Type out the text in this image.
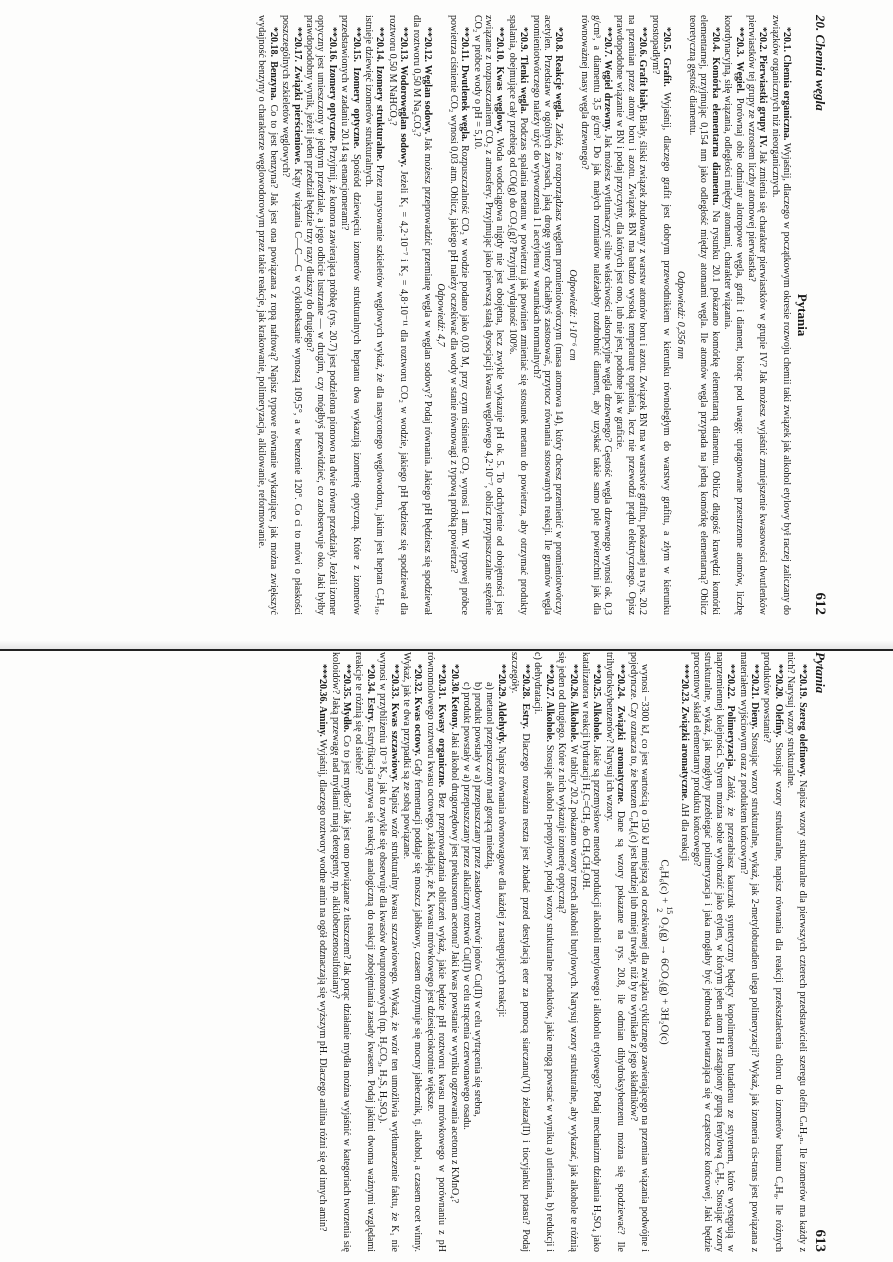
20. Chemia węgla
612
Pytania

*20.1. Chemia organiczna. Wyjaśnij, dlaczego w początkowym okresie rozwoju chemii taki związek jak alkohol etylowy był raczej zaliczany do związków organicznych niż nieorganicznych.

*20.2. Pierwiastki grupy IV. Jak zmienia się charakter pierwiastków w grupie IV? Jak możesz wyjaśnić zmniejszenie kwasowości dwutlenków pierwiastków tej grupy ze wzrostem liczby atomowej pierwiastka?

**20.3. Węgiel. Porównaj obie odmiany alotropowe węgla, grafit i diament, biorąc pod uwagę: upragnowane przestrzenne atomów, liczbę koordynacyjną, siłę wiązania, odległości między atomami, charakter wiązania.

*20.4. Komórka elementarna diamentu. Na rysunku 20.1 pokazano komórkę elementarną diamentu. Oblicz długość krawędzi komórki elementarnej, przyjmując 0,154 nm jako odległość między atomami węgla. Ile atomów węgla przypada na jedną komórkę elementarną? Oblicz teoretyczną gęstość diamentu.

Odpowiedź: 0,356 nm

*20.5. Grafit. Wyjaśnij, dlaczego grafit jest dobrym przewodnikiem w kierunku równoległym do warstwy grafitu, a złym w kierunku prostopadłym?

**20.6. Grafit biały. Biały, śliski związek zbudowany z warstw atomów boru i azotu. Związek BN ma w warstwie grafitu, pokazanej na rys. 20.2 na przemian przez atomy boru i azotu. Związek BN ma bardzo wysoką temperaturę topnienia, lecz nie przewodzi prądu elektrycznego. Opisz prawdopodobne wiązanie w BN i podaj przyczyny, dla których jest ono, lub nie jest, podobne jak w graficie.

**20.7. Węgiel drzewny. Jak możesz wytłumaczyć silne właściwości adsorpcyjne węgla drzewnego? Gęstość węgla drzewnego wynosi ok. 0,3 g/cm³, a diamentu 3,5 g/cm³. Do jak małych rozmiarów należałoby rozdrobnić diament, aby uzyskać takie samo pole powierzchni jak dla równoważnej masy węgla drzewnego?

Odpowiedź: 1·10⁻⁶ cm

*20.8. Reakcje węgla. Załóż, że rozporządzasz węglem promieniotwórczym (masa atomowa 14), który chcesz przemienić w promieniotwórczy acetylen. Przedstaw w ogólnych zarysach, jaką drogę syntezy chciałbyś zastosować, przytocz równania stosowanych reakcji. Ile gramów węgla promieniotwórczego należy użyć do wytworzenia 1 l acetylenu w warunkach normalnych?

*20.9. Tlenki węgla. Podczas spalania metanu w powietrzu jak powinien zmieniać się stosunek metanu do powietrza, aby otrzymać produkty spalania, obejmujące cały przebieg od CO(g) do CO₂(g)? Przyjmij wydajność 100%.

**20.10. Kwas węglowy. Woda wodociągowa nigdy nie jest obojętna, lecz zwykle wykazuje pH ok. 5. To odchylenie od obojętności jest związane z rozpuszczaniem CO₂ z atmosfery. Przyjmując jako pierwszą stałą dysocjacji kwasu węglowego 4,2·10⁻⁷, oblicz przypuszczalne stężenie CO₂ w próbce wody o pH = 5,10.

**20.11. Dwutlenek węgla. Rozpuszczalność CO₂ w wodzie podano jako 0,03 M, przy czym ciśnienie CO₂ wynosi 1 atm. W typowej próbce powietrza ciśnienie CO₂ wynosi 0,03 atm. Oblicz, jakiego pH należy oczekiwać dla wody w stanie równowagi z typową próbką powietrza?

Odpowiedź: 4,7

**20.12. Węglan sodowy. Jak możesz przeprowadzić przemianę węgla w węglan sodowy? Podaj równania. Jakiego pH będziesz się spodziewał dla roztworu 0,50 M Na₂CO₃?

**20.13. Wodorowęglan sodowy. Jeżeli K₁ = 4,2·10⁻⁷ i K₂ = 4,8·10⁻¹¹ dla roztworu CO₂ w wodzie, jakiego pH będziesz się spodziewał dla roztworu 0,50 M NaHCO₃?

**20.14. Izomery strukturalne. Przez narysowanie szkieletów węglowych wykaż, że dla nasyconego węglowodoru, jakim jest heptan C₇H₁₆, istnieje dziewięć izomerów strukturalnych.

**20.15. Izomery optyczne. Spośród dziewięciu izomerów strukturalnych heptanu dwa wykazują izomerię optyczną. Które z izomerów przedstawionych w zadaniu 20.14 są enancjomerami?

**20.16. Izomery optyczne. Przyjmij, że komora zawierająca próbkę (rys. 20.7) jest podzielona pionowo na dwie równe przedziały. Jeżeli izomer optyczny jest umieszczony w jednym przedziale, a jego odbicie lustrzane — w drugim, czy mógłbyś przewidzieć, co zaobserwuje oko. Jaki byłby prawdopodobny wynik, jeżeli jeden przedział będzie trzy razy dłuższy do drugiego?

**20.17. Związki pierścieniowe. Kąty wiązania C—C—C w cykloheksanie wynoszą 109,5°, a w benzenie 120°. Co ci to mówi o płaskości poszczególnych szkieletów węglowych?

*20.18. Benzyna. Co to jest benzyna? Jak jest ona powiązana z ropą naftową? Napisz typowe równanie wykazujące, jak można zwiększyć wydajność benzyny o charakterze węglowodorowym przez takie reakcje, jak krakowanie, polimeryzacja, alkilowanie, reformowanie.

Pytania
613

**20.19. Szereg olefinowy. Napisz wzory strukturalne dla pierwszych czterech przedstawicieli szeregu olefin CₙH₂ₙ. Ile izomerów ma każdy z nich? Narysuj wzory strukturalne.

**20.20. Olefiny. Stosując wzory strukturalne, napisz równania dla reakcji przekształcenia chloru do izomerów butanu C₄H₈. Ile różnych produktów powstanie?

**20.21. Dieny. Stosując wzory strukturalne, wykaż, jak 2-metylobutadien ulega polimeryzacji? Wykaż, jak izomeria cis-trans jest powiązana z materiałem wyjściowym oraz z produktem końcowym?

**20.22. Polimeryzacja. Załóż, że przerabiasz kauczuk syntetyczny będący kopolimerem butadienu ze styrenem, które występują w naprzemiennej kolejności. Styren można sobie wyobrazić jako etylen, w którym jeden atom H zastąpiony grupą fenylową C₆H₅. Stosując wzory strukturalne, wykaż, jak mogłyby przebiegać polimeryzacja i jaka mogłaby być jednostka powtarzająca się w cząsteczce końcowej. Jaki będzie procentowy skład elementarny produktu końcowego?

***20.23. Związki aromatyczne. ΔH dla reakcji

C₆H₆(c) + 15
2 O₂(g) → 6CO₂(g) + 3H₂O(c)

wynosi −3300 kJ, co jest wartością o 150 kJ mniejszą od oczekiwanej dla związku cyklicznego zawierającego na przemian wiązania podwójne i pojedyncze. Czy oznacza to, że benzen C₆H₆(c) jest bardziej lub mniej trwały, niż by to wynikało z jego składników?

**20.24. Związki aromatyczne. Dane są wzory pokazane na rys. 20.8, ile odmian dihydroksybenzenu można się spodziewać? Ile trihydroksybenzenów? Narysuj ich wzory.

**20.25. Alkohole. Jakie są przemysłowe metody produkcji alkoholi metylowego i alkoholu etylowego? Podaj mechanizm działania H₂SO₄ jako katalizatora w reakcji hydratacji H₂C=CH₂ do CH₃CH₂OH.

**20.26. Alkohole. W tablicy 20.2 pokazano wzory trzech alkoholi butylowych. Narysuj wzory strukturalne, aby wykazać, jak alkohole te różnią się jeden od drugiego. Które z nich wykazuje izomerię optyczną?

**20.27. Alkohole. Stosując alkohol n-propylowy, podaj wzory strukturalne produktów, jakie mogą powstać w wyniku a) utleniania, b) redukcji i c) dehydratacji.

**20.28. Estry. Dlaczego rozważna reszta jest zbadać przed destylacją eter za pomocą siarczanu(VI) żelaza(II) i tiocyjanku potasu? Podaj szczegóły.

**20.29. Aldehydy. Napisz równania równowagowe dla każdej z następujących reakcji:

a) metanol przepuszczony nad gorącą miedzią,
b) produkt powstały w a) przepuszczany przez zasadowy roztwór jonów Cu(II) w celu wytrącenia się srebra,
c) produkt powstały w a) przepuszczany przez alkaliczny roztwór Cu(II) w celu strącenia czerwonawego osadu.

*20.30. Ketony. Jaki alkohol drugorzędowy jest prekursorem acetonu? Jaki kwas powstanie w wyniku ogrzewania acetonu z KMnO₄?

**20.31. Kwasy organiczne. Bez przeprowadzania obliczeń wykaż, jakie będzie pH roztworu kwasu mrówkowego w porównaniu z pH równomolowego roztworu kwasu octowego, zakładając, że Kₐ kwasu mrówkowego jest dziesięciokrotnie większe.

*20.32. Kwas octowy. Gdy fermentacji poddaje się moszcz jabłkowy, czasem otrzymuje się mocny jabłecznik, tj. alkohol, a czasem ocet winny. Wykaż, jak te dwa przypadki są ze sobą powiązane.

**20.33. Kwas szczawiowy. Napisz wzór strukturalny kwasu szczawiowego. Wykaż, że wzór ten umożliwia wytłumaczenie faktu, że K₁ nie wynosi w przybliżeniu 10⁻³ K₂, jak to zwykle się obserwuje dla kwasów dwuprotonowych (np. H₂CO₃, H₂S, H₂SO₃).

*20.34. Estry. Estryfikacja nazywa się reakcję analogiczną do reakcji zobojętniania zasady kwasem. Podaj jakimi dwoma ważnymi względami reakcje te różnią się od siebie?

**20.35. Mydło. Co to jest mydło? Jak jest ono powiązane z tłuszczem? Jak porąc działanie mydła można wyjaśnić w kategoriach tworzenia się koloidów? Jaką przewagę nad mydłami mają detergenty, np. alkilobenzenosulfoniany?

***20.36. Aminy. Wyjaśnij, dlaczego roztwory wodne amin na ogół odznaczają się wyższym pH. Dlaczego anilina różni się od innych amin?
